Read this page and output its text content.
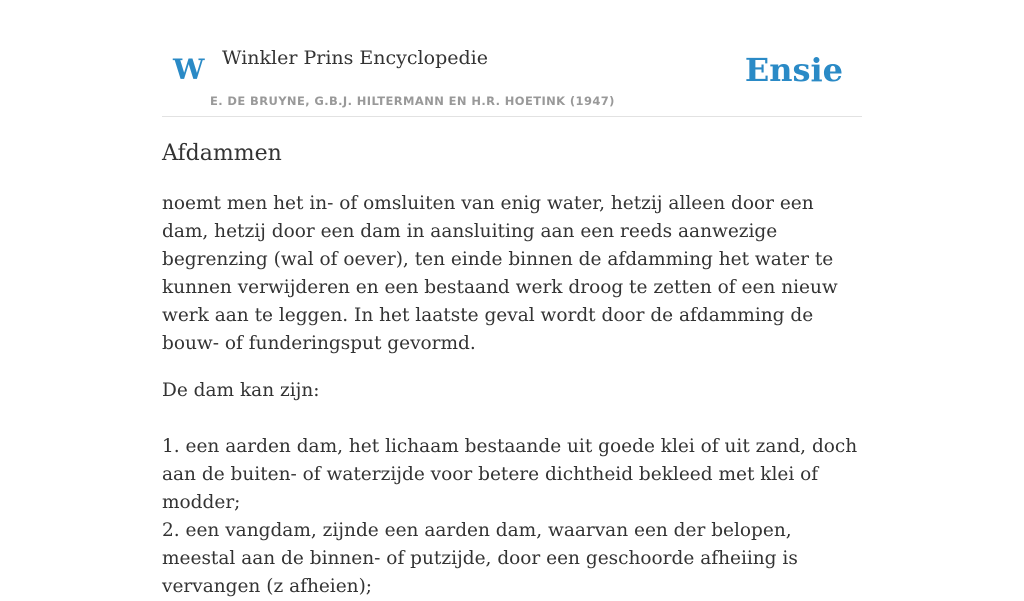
W Winkler Prins Encyclopedie
E. DE BRUYNE, G.B.J. HILTERMANN EN H.R. HOETINK (1947)
Ensie
Afdammen

noemt men het in- of omsluiten van enig water, hetzij alleen door een dam, hetzij door een dam in aansluiting aan een reeds aanwezige begrenzing (wal of oever), ten einde binnen de afdamming het water te kunnen verwijderen en een bestaand werk droog te zetten of een nieuw werk aan te leggen. In het laatste geval wordt door de afdamming de bouw- of funderingsput gevormd.

De dam kan zijn:

1. een aarden dam, het lichaam bestaande uit goede klei of uit zand, doch aan de buiten- of waterzijde voor betere dichtheid bekleed met klei of modder;
2. een vangdam, zijnde een aarden dam, waarvan een der belopen, meestal aan de binnen- of putzijde, door een geschoorde afheiing is vervangen (z afheien);
